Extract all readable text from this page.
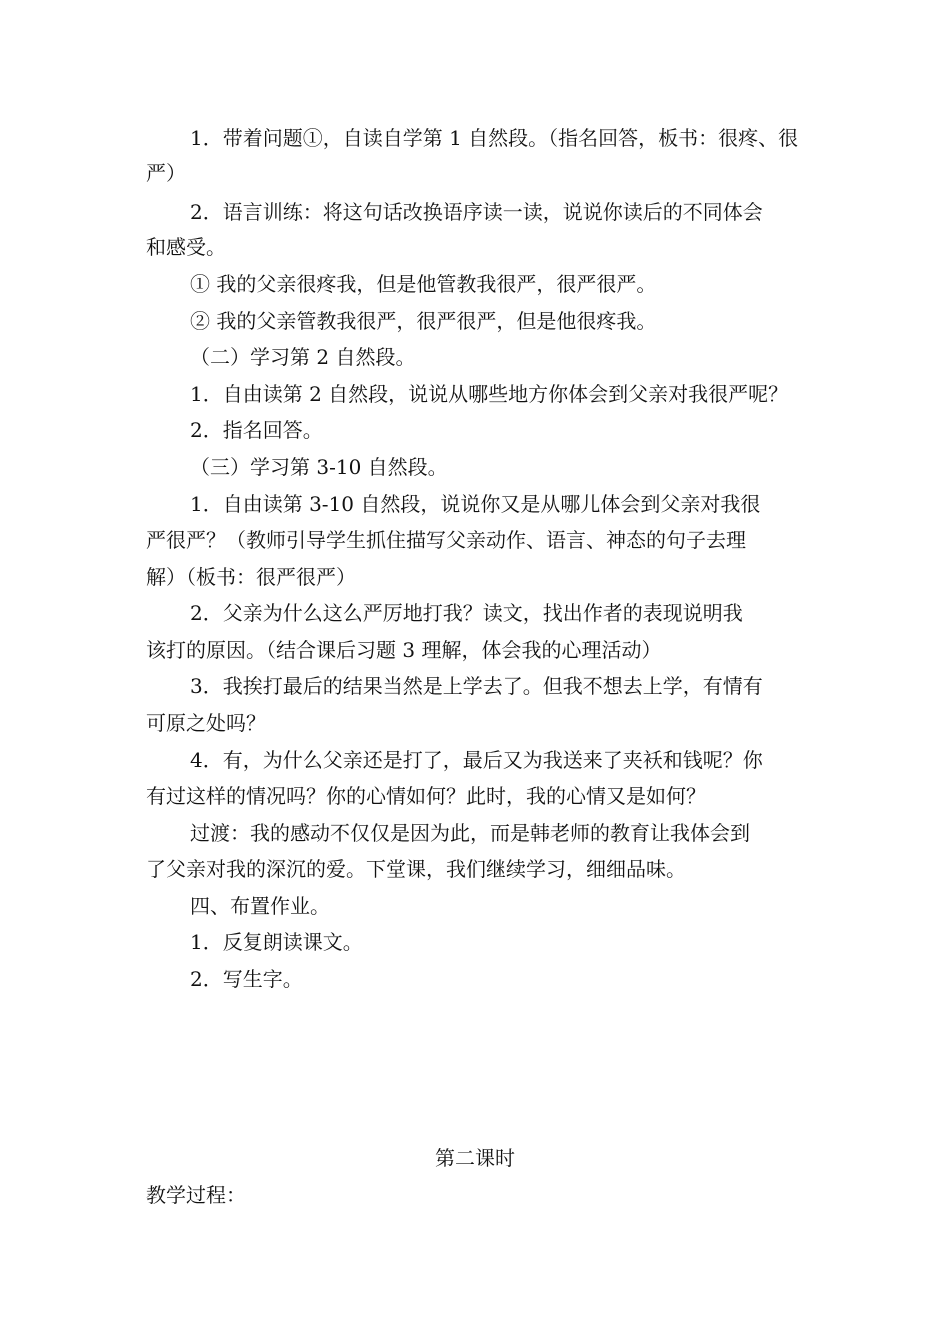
1．带着问题①，自读自学第 1 自然段。（指名回答，板书：很疼、很
严）
2．语言训练：将这句话改换语序读一读，说说你读后的不同体会
和感受。
① 我的父亲很疼我，但是他管教我很严，很严很严。
② 我的父亲管教我很严，很严很严，但是他很疼我。
（二）学习第 2 自然段。
1．自由读第 2 自然段，说说从哪些地方你体会到父亲对我很严呢？
2．指名回答。
（三）学习第 3-10 自然段。
1．自由读第 3-10 自然段，说说你又是从哪儿体会到父亲对我很
严很严？（教师引导学生抓住描写父亲动作、语言、神态的句子去理
解）（板书：很严很严）
2．父亲为什么这么严厉地打我？读文，找出作者的表现说明我
该打的原因。（结合课后习题 3 理解，体会我的心理活动）
3．我挨打最后的结果当然是上学去了。但我不想去上学，有情有
可原之处吗？
4．有，为什么父亲还是打了，最后又为我送来了夹袄和钱呢？你
有过这样的情况吗？你的心情如何？此时，我的心情又是如何？
过渡：我的感动不仅仅是因为此，而是韩老师的教育让我体会到
了父亲对我的深沉的爱。下堂课，我们继续学习，细细品味。
四、布置作业。
1．反复朗读课文。
2．写生字。
第二课时
教学过程：
